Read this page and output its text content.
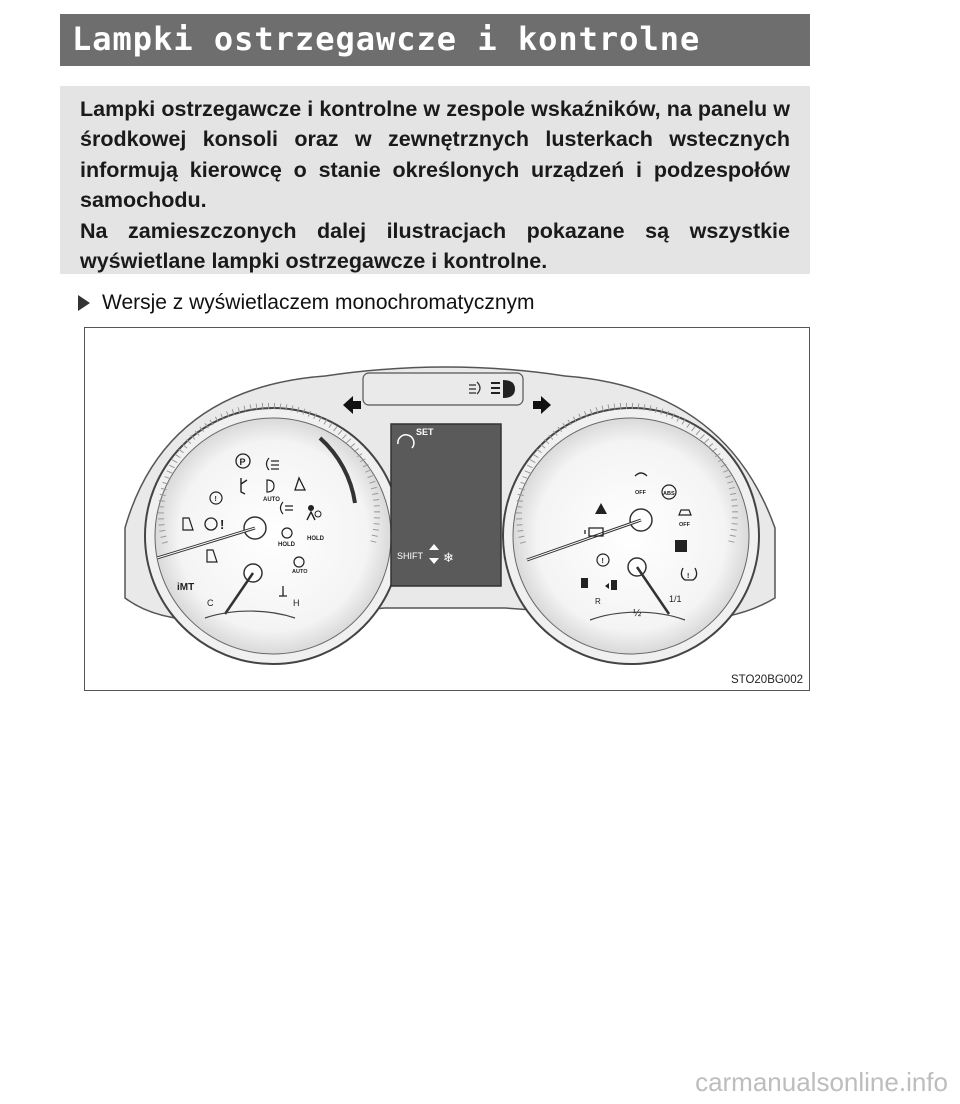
Lampki ostrzegawcze i kontrolne

Lampki ostrzegawcze i kontrolne w zespole wskaźników, na panelu w środkowej konsoli oraz w zewnętrznych lusterkach wstecznych informują kierowcę o stanie określonych urządzeń i podzespołów samochodu.

Na zamieszczonych dalej ilustracjach pokazane są wszystkie wyświetlane lampki ostrzegawcze i kontrolne.

Wersje z wyświetlaczem monochromatycznym
C	H
iMT
P
!	AUTO
!
HOLD
HOLD
AUTO
SET
SHIFT ❄
R
½
1/1
OFF	ABS
OFF
!
!
STO20BG002
carmanualsonline.info
